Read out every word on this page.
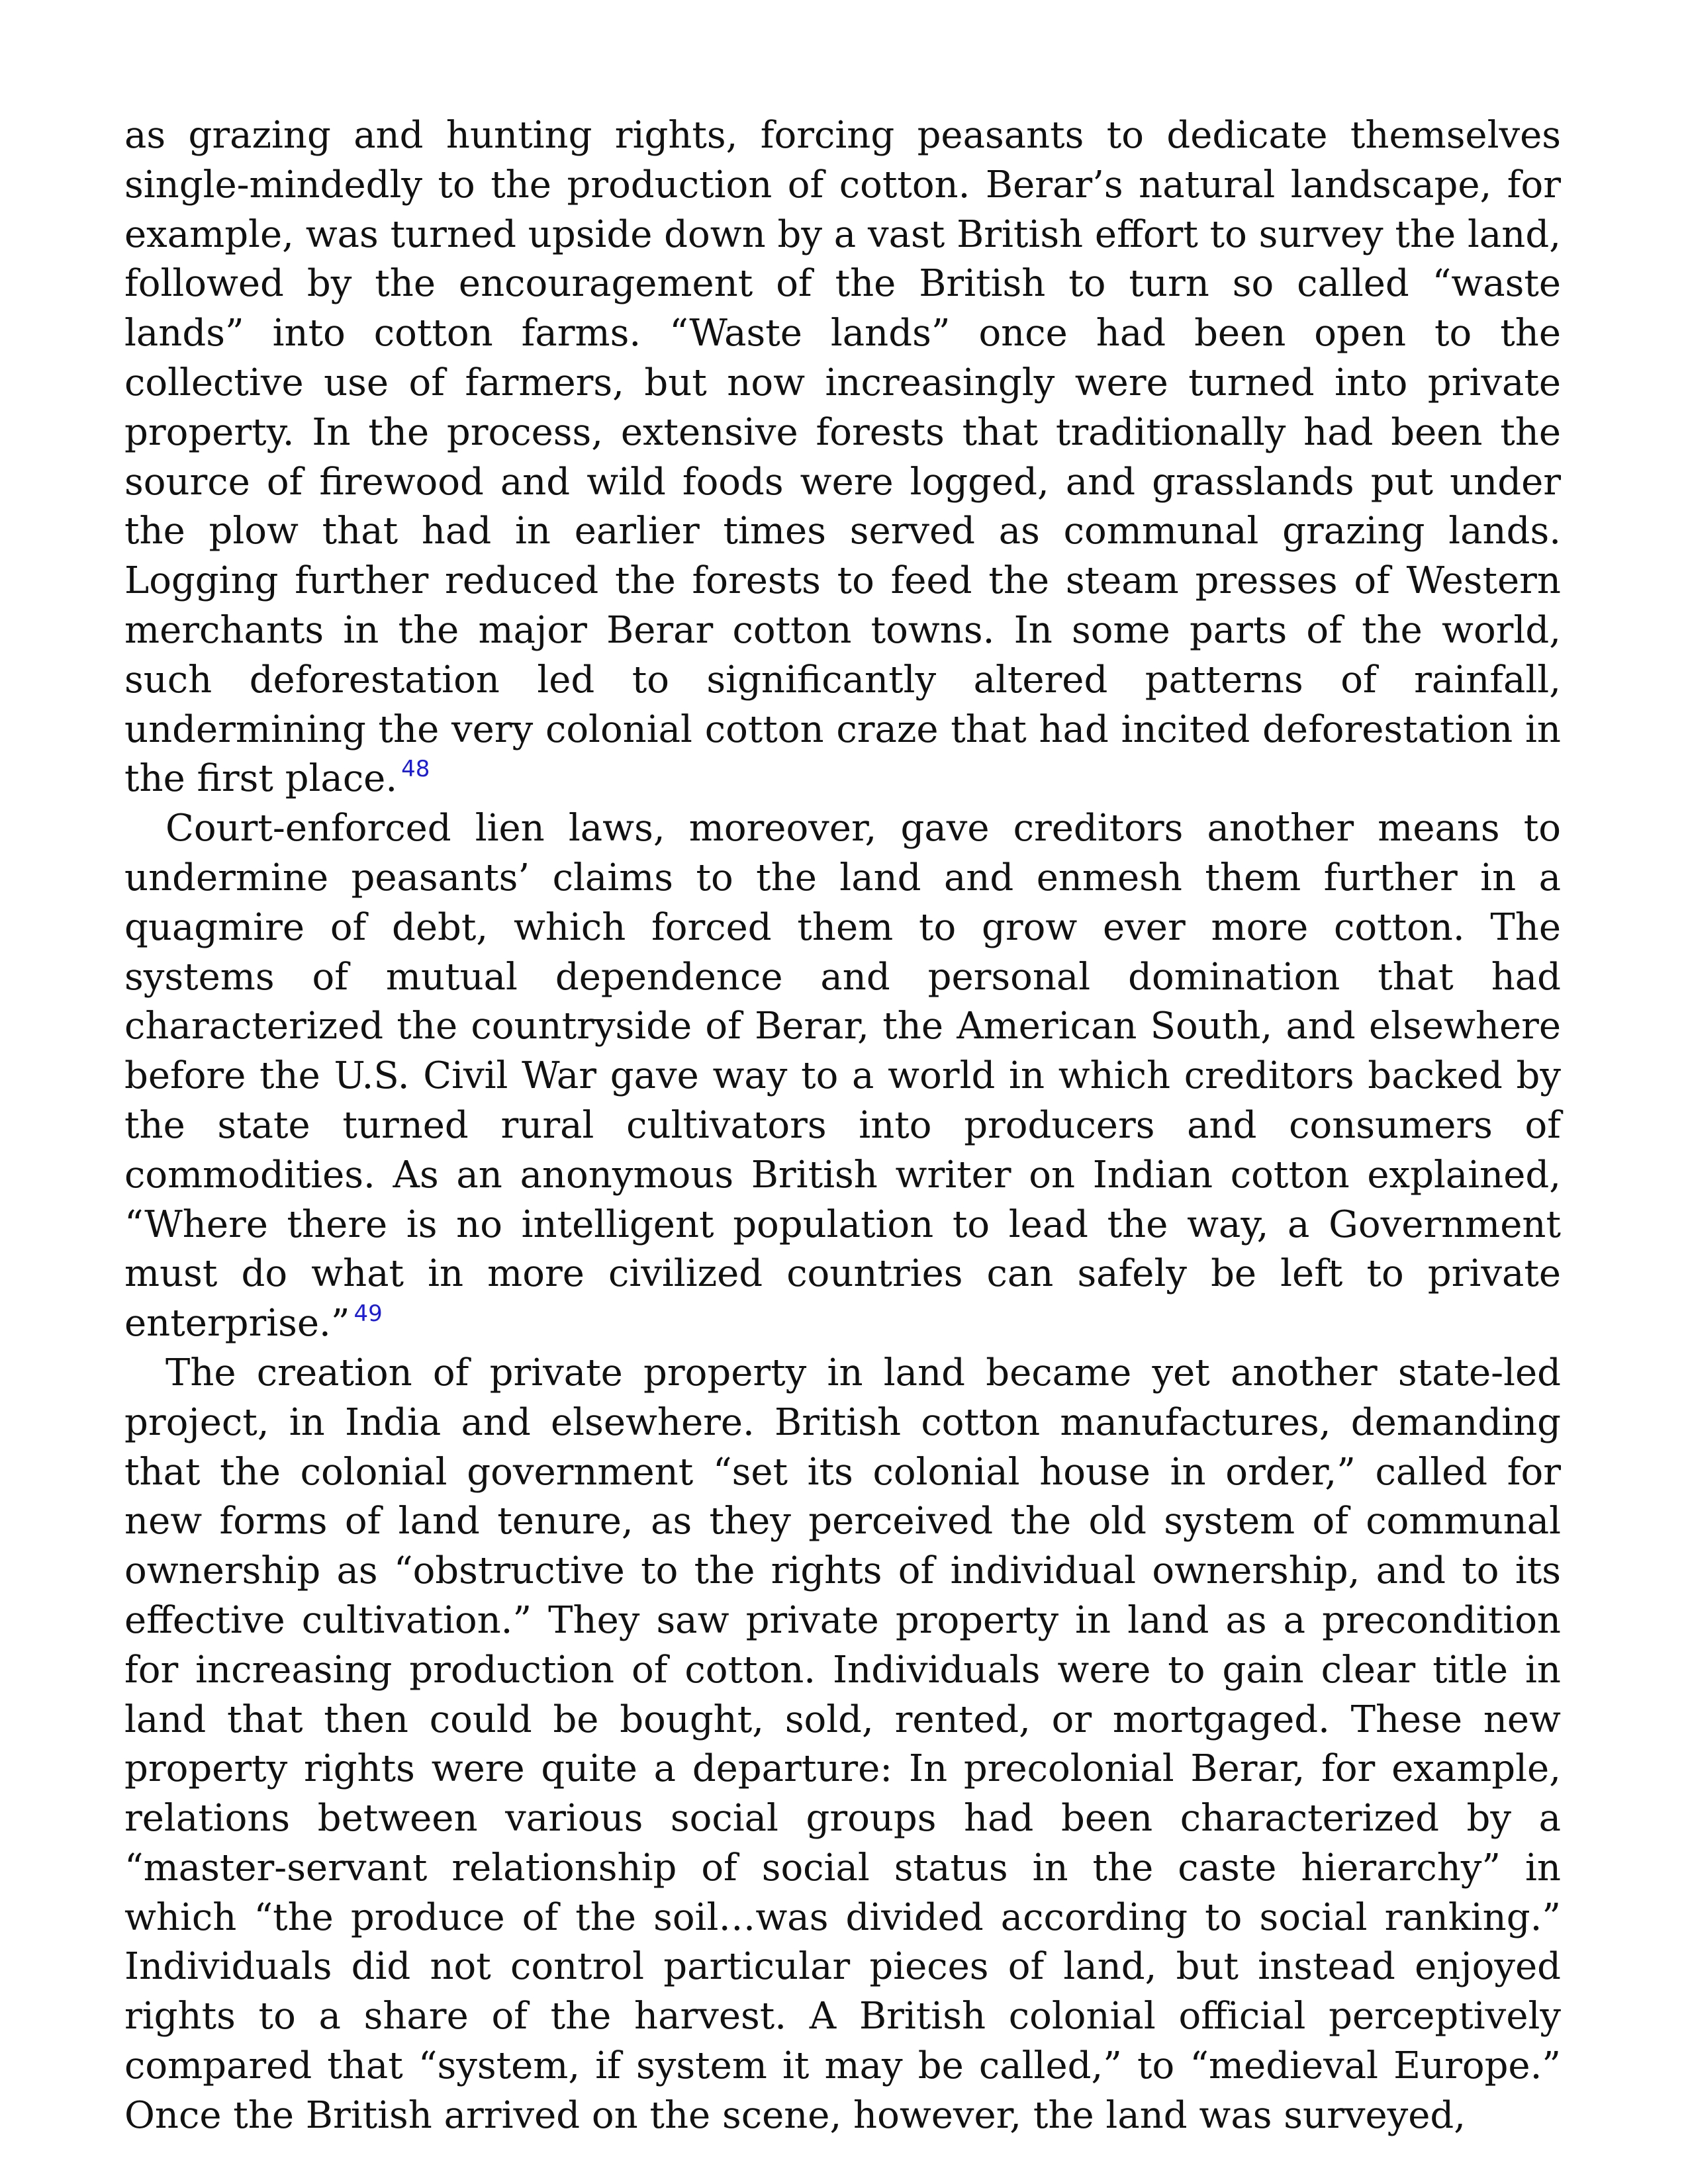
as grazing and hunting rights, forcing peasants to dedicate themselves single-mindedly to the production of cotton. Berar’s natural landscape, for example, was turned upside down by a vast British effort to survey the land, followed by the encouragement of the British to turn so called “waste lands” into cotton farms. “Waste lands” once had been open to the collective use of farmers, but now increasingly were turned into private property. In the process, extensive forests that traditionally had been the source of firewood and wild foods were logged, and grasslands put under the plow that had in earlier times served as communal grazing lands. Logging further reduced the forests to feed the steam presses of Western merchants in the major Berar cotton towns. In some parts of the world, such deforestation led to significantly altered patterns of rainfall, undermining the very colonial cotton craze that had incited deforestation in the first place. $^{48}$

Court-enforced lien laws, moreover, gave creditors another means to undermine peasants’ claims to the land and enmesh them further in a quagmire of debt, which forced them to grow ever more cotton. The systems of mutual dependence and personal domination that had characterized the countryside of Berar, the American South, and elsewhere before the U.S. Civil War gave way to a world in which creditors backed by the state turned rural cultivators into producers and consumers of commodities. As an anonymous British writer on Indian cotton explained, “Where there is no intelligent population to lead the way, a Government must do what in more civilized countries can safely be left to private enterprise.” $^{49}$

The creation of private property in land became yet another state-led project, in India and elsewhere. British cotton manufactures, demanding that the colonial government “set its colonial house in order,” called for new forms of land tenure, as they perceived the old system of communal ownership as “obstructive to the rights of individual ownership, and to its effective cultivation.” They saw private property in land as a precondition for increasing production of cotton. Individuals were to gain clear title in land that then could be bought, sold, rented, or mortgaged. These new property rights were quite a departure: In precolonial Berar, for example, relations between various social groups had been characterized by a “master-servant relationship of social status in the caste hierarchy” in which “the produce of the soil…was divided according to social ranking.” Individuals did not control particular pieces of land, but instead enjoyed rights to a share of the harvest. A British colonial official perceptively compared that “system, if system it may be called,” to “medieval Europe.” Once the British arrived on the scene, however, the land was surveyed,
